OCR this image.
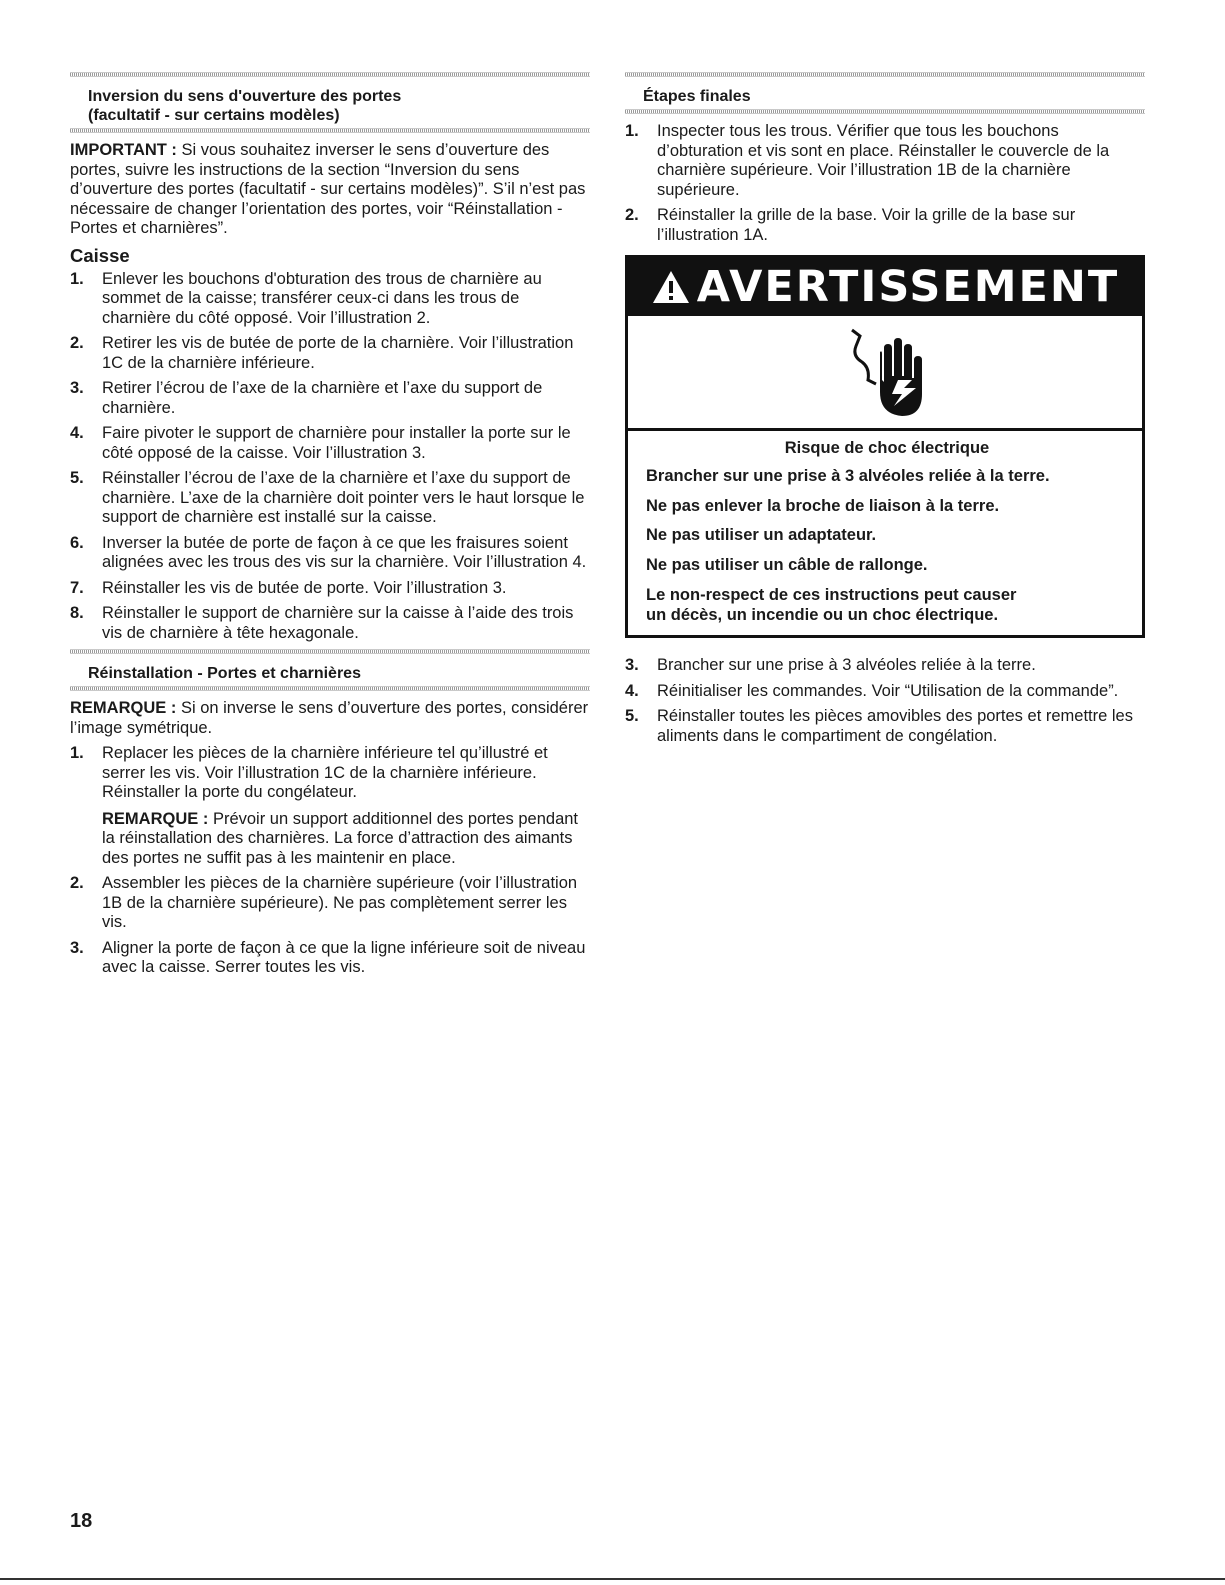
Inversion du sens d'ouverture des portes
(facultatif - sur certains modèles)

IMPORTANT : Si vous souhaitez inverser le sens d’ouverture des portes, suivre les instructions de la section “Inversion du sens d’ouverture des portes (facultatif - sur certains modèles)”. S’il n’est pas nécessaire de changer l’orientation des portes, voir “Réinstallation - Portes et charnières”.

Caisse
1. Enlever les bouchons d'obturation des trous de charnière au sommet de la caisse; transférer ceux-ci dans les trous de charnière du côté opposé. Voir l’illustration 2.
2. Retirer les vis de butée de porte de la charnière. Voir l’illustration 1C de la charnière inférieure.
3. Retirer l’écrou de l’axe de la charnière et l’axe du support de charnière.
4. Faire pivoter le support de charnière pour installer la porte sur le côté opposé de la caisse. Voir l’illustration 3.
5. Réinstaller l’écrou de l’axe de la charnière et l’axe du support de charnière. L’axe de la charnière doit pointer vers le haut lorsque le support de charnière est installé sur la caisse.
6. Inverser la butée de porte de façon à ce que les fraisures soient alignées avec les trous des vis sur la charnière. Voir l’illustration 4.
7. Réinstaller les vis de butée de porte. Voir l’illustration 3.
8. Réinstaller le support de charnière sur la caisse à l’aide des trois vis de charnière à tête hexagonale.
Réinstallation - Portes et charnières

REMARQUE : Si on inverse le sens d’ouverture des portes, considérer l’image symétrique.

1. Replacer les pièces de la charnière inférieure tel qu’illustré et serrer les vis. Voir l’illustration 1C de la charnière inférieure. Réinstaller la porte du congélateur.
REMARQUE : Prévoir un support additionnel des portes pendant la réinstallation des charnières. La force d’attraction des aimants des portes ne suffit pas à les maintenir en place.
2. Assembler les pièces de la charnière supérieure (voir l’illustration 1B de la charnière supérieure). Ne pas complètement serrer les vis.
3. Aligner la porte de façon à ce que la ligne inférieure soit de niveau avec la caisse. Serrer toutes les vis.
Étapes finales
1. Inspecter tous les trous. Vérifier que tous les bouchons d’obturation et vis sont en place. Réinstaller le couvercle de la charnière supérieure. Voir l’illustration 1B de la charnière supérieure.
2. Réinstaller la grille de la base. Voir la grille de la base sur l’illustration 1A.
AVERTISSEMENT
Risque de choc électrique
Brancher sur une prise à 3 alvéoles reliée à la terre.
Ne pas enlever la broche de liaison à la terre.
Ne pas utiliser un adaptateur.
Ne pas utiliser un câble de rallonge.
Le non-respect de ces instructions peut causer
un décès, un incendie ou un choc électrique.
3. Brancher sur une prise à 3 alvéoles reliée à la terre.
4. Réinitialiser les commandes. Voir “Utilisation de la commande”.
5. Réinstaller toutes les pièces amovibles des portes et remettre les aliments dans le compartiment de congélation.
18
